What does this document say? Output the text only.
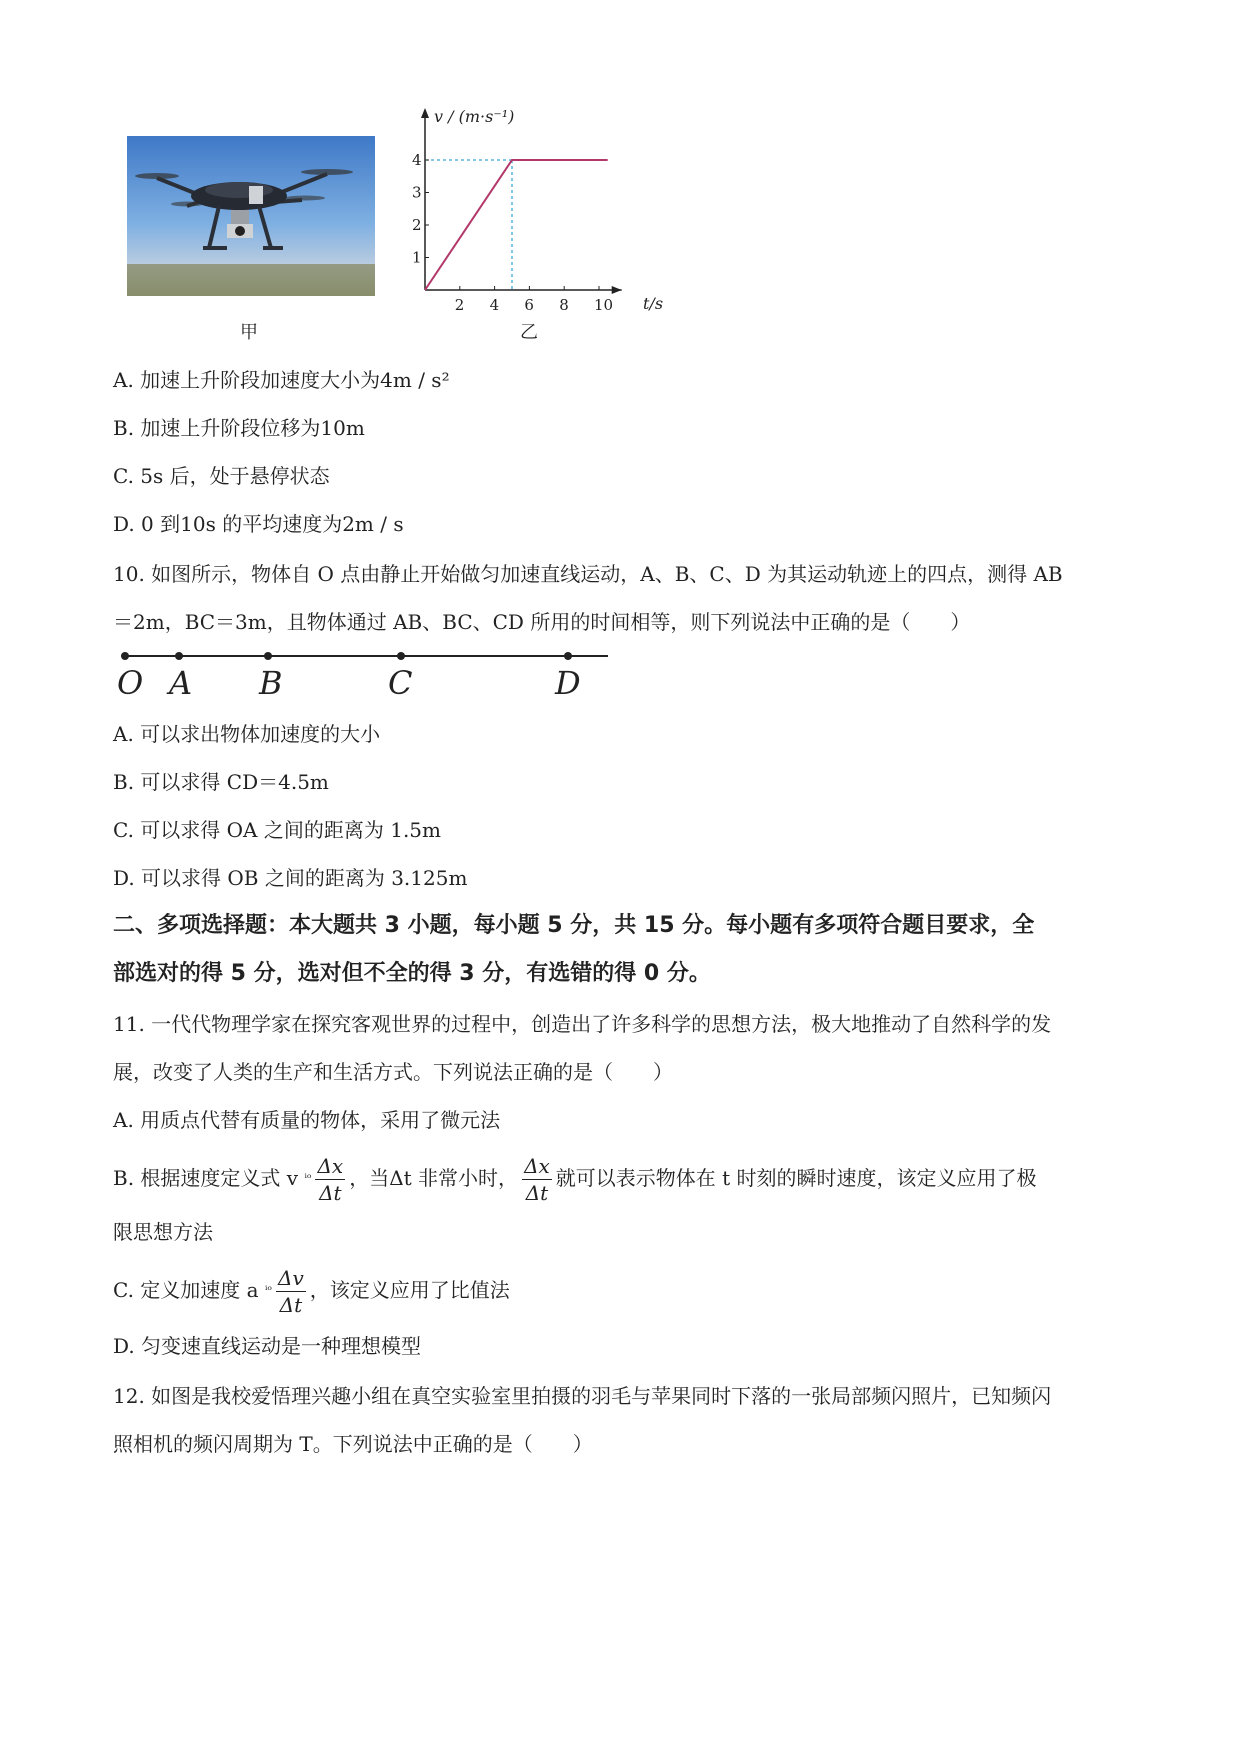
甲
2 4 6 8 10
1
2
3
4
v / (m·s⁻¹)
t/s
乙
A. 加速上升阶段加速度大小为4m / s²
B. 加速上升阶段位移为10m
C. 5s 后，处于悬停状态
D. 0 到10s 的平均速度为2m / s
10. 如图所示，物体自 O 点由静止开始做匀加速直线运动，A、B、C、D 为其运动轨迹上的四点，测得 AB
＝2m，BC＝3m，且物体通过 AB、BC、CD 所用的时间相等，则下列说法中正确的是（　　）
O A B	C	D
A. 可以求出物体加速度的大小
B. 可以求得 CD＝4.5m
C. 可以求得 OA 之间的距离为 1.5m
D. 可以求得 OB 之间的距离为 3.125m
二、多项选择题：本大题共 3 小题，每小题 5 分，共 15 分。每小题有多项符合题目要求，全
部选对的得 5 分，选对但不全的得 3 分，有选错的得 0 分。
11. 一代代物理学家在探究客观世界的过程中，创造出了许多科学的思想方法，极大地推动了自然科学的发
展，改变了人类的生产和生活方式。下列说法正确的是（　　）
A. 用质点代替有质量的物体，采用了微元法
B. 根据速度定义式 v $^{^iᵒ} \frac{\Delta x}{\Delta t}$ ，当Δt 非常小时， $\frac{\Delta x}{\Delta t}$ 就可以表示物体在 t 时刻的瞬时速度，该定义应用了极
限思想方法
C. 定义加速度 a $^{^iᵒ} \frac{\Delta v}{\Delta t}$ ，该定义应用了比值法
D. 匀变速直线运动是一种理想模型
12. 如图是我校爱悟理兴趣小组在真空实验室里拍摄的羽毛与苹果同时下落的一张局部频闪照片，已知频闪
照相机的频闪周期为 T。下列说法中正确的是（　　）
